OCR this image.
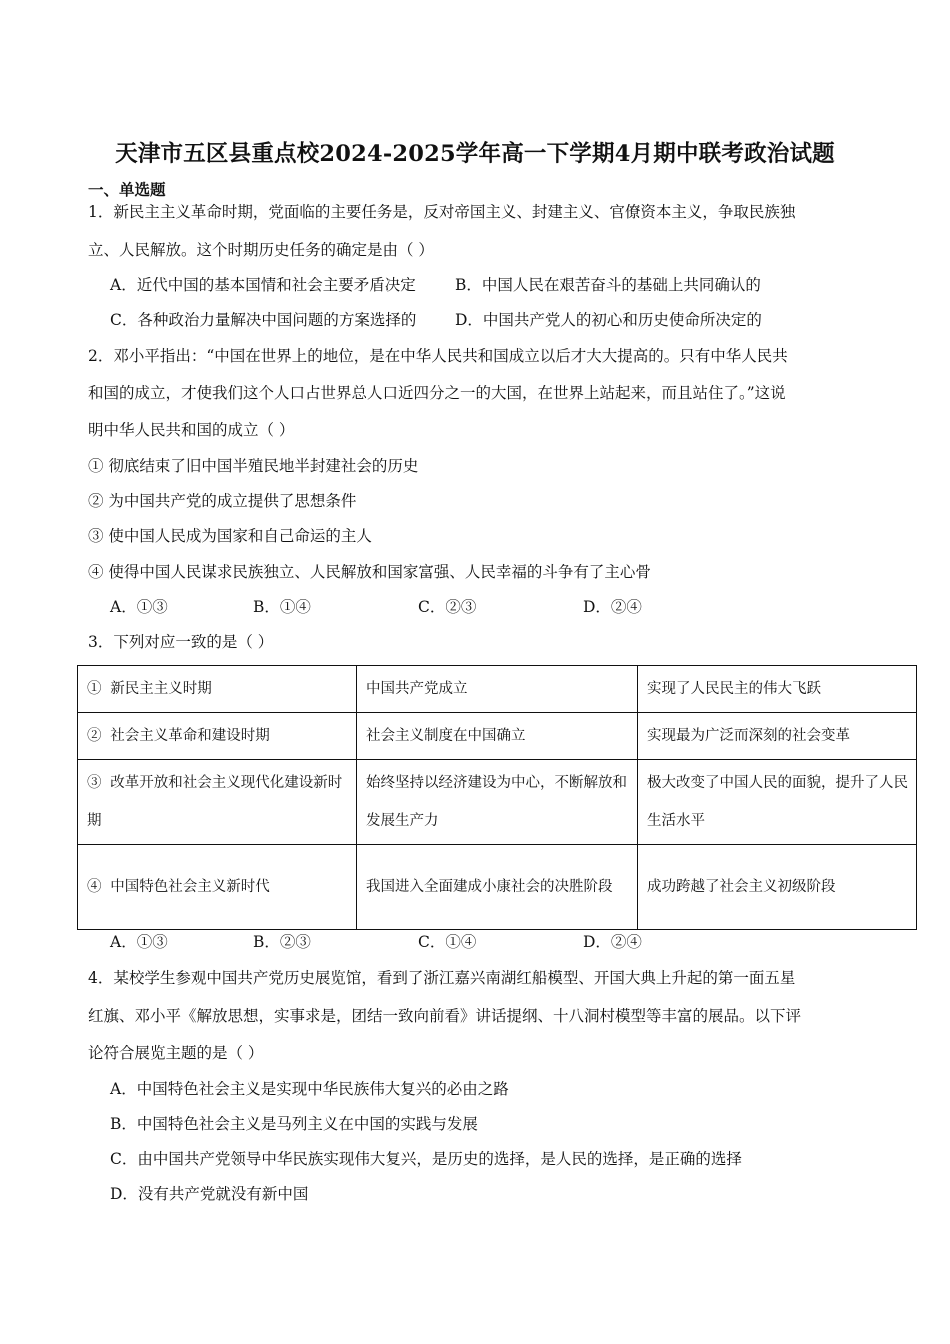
天津市五区县重点校2024-2025学年高一下学期4月期中联考政治试题
一、单选题
1．新民主主义革命时期，党面临的主要任务是，反对帝国主义、封建主义、官僚资本主义，争取民族独
立、人民解放。这个时期历史任务的确定是由（ ）
A．近代中国的基本国情和社会主要矛盾决定	B．中国人民在艰苦奋斗的基础上共同确认的
C．各种政治力量解决中国问题的方案选择的 D．中国共产党人的初心和历史使命所决定的
2．邓小平指出：“中国在世界上的地位，是在中华人民共和国成立以后才大大提高的。只有中华人民共
和国的成立，才使我们这个人口占世界总人口近四分之一的大国，在世界上站起来，而且站住了。”这说
明中华人民共和国的成立（ ）
① 彻底结束了旧中国半殖民地半封建社会的历史
② 为中国共产党的成立提供了思想条件
③ 使中国人民成为国家和自己命运的主人
④ 使得中国人民谋求民族独立、人民解放和国家富强、人民幸福的斗争有了主心骨
A．①③	B．①④	C．②③	D．②④
3．下列对应一致的是（ ）
① 新民主主义时期	中国共产党成立	实现了人民民主的伟大飞跃
② 社会主义革命和建设时期	社会主义制度在中国确立	实现最为广泛而深刻的社会变革
③ 改革开放和社会主义现代化建设新时期	始终坚持以经济建设为中心，不断解放和发展生产力	极大改变了中国人民的面貌，提升了人民生活水平
④ 中国特色社会主义新时代	我国进入全面建成小康社会的决胜阶段	成功跨越了社会主义初级阶段
A．①③	B．②③	C．①④	D．②④
4．某校学生参观中国共产党历史展览馆，看到了浙江嘉兴南湖红船模型、开国大典上升起的第一面五星
红旗、邓小平《解放思想，实事求是，团结一致向前看》讲话提纲、十八洞村模型等丰富的展品。以下评
论符合展览主题的是（ ）
A．中国特色社会主义是实现中华民族伟大复兴的必由之路
B．中国特色社会主义是马列主义在中国的实践与发展
C．由中国共产党领导中华民族实现伟大复兴，是历史的选择，是人民的选择，是正确的选择
D．没有共产党就没有新中国
